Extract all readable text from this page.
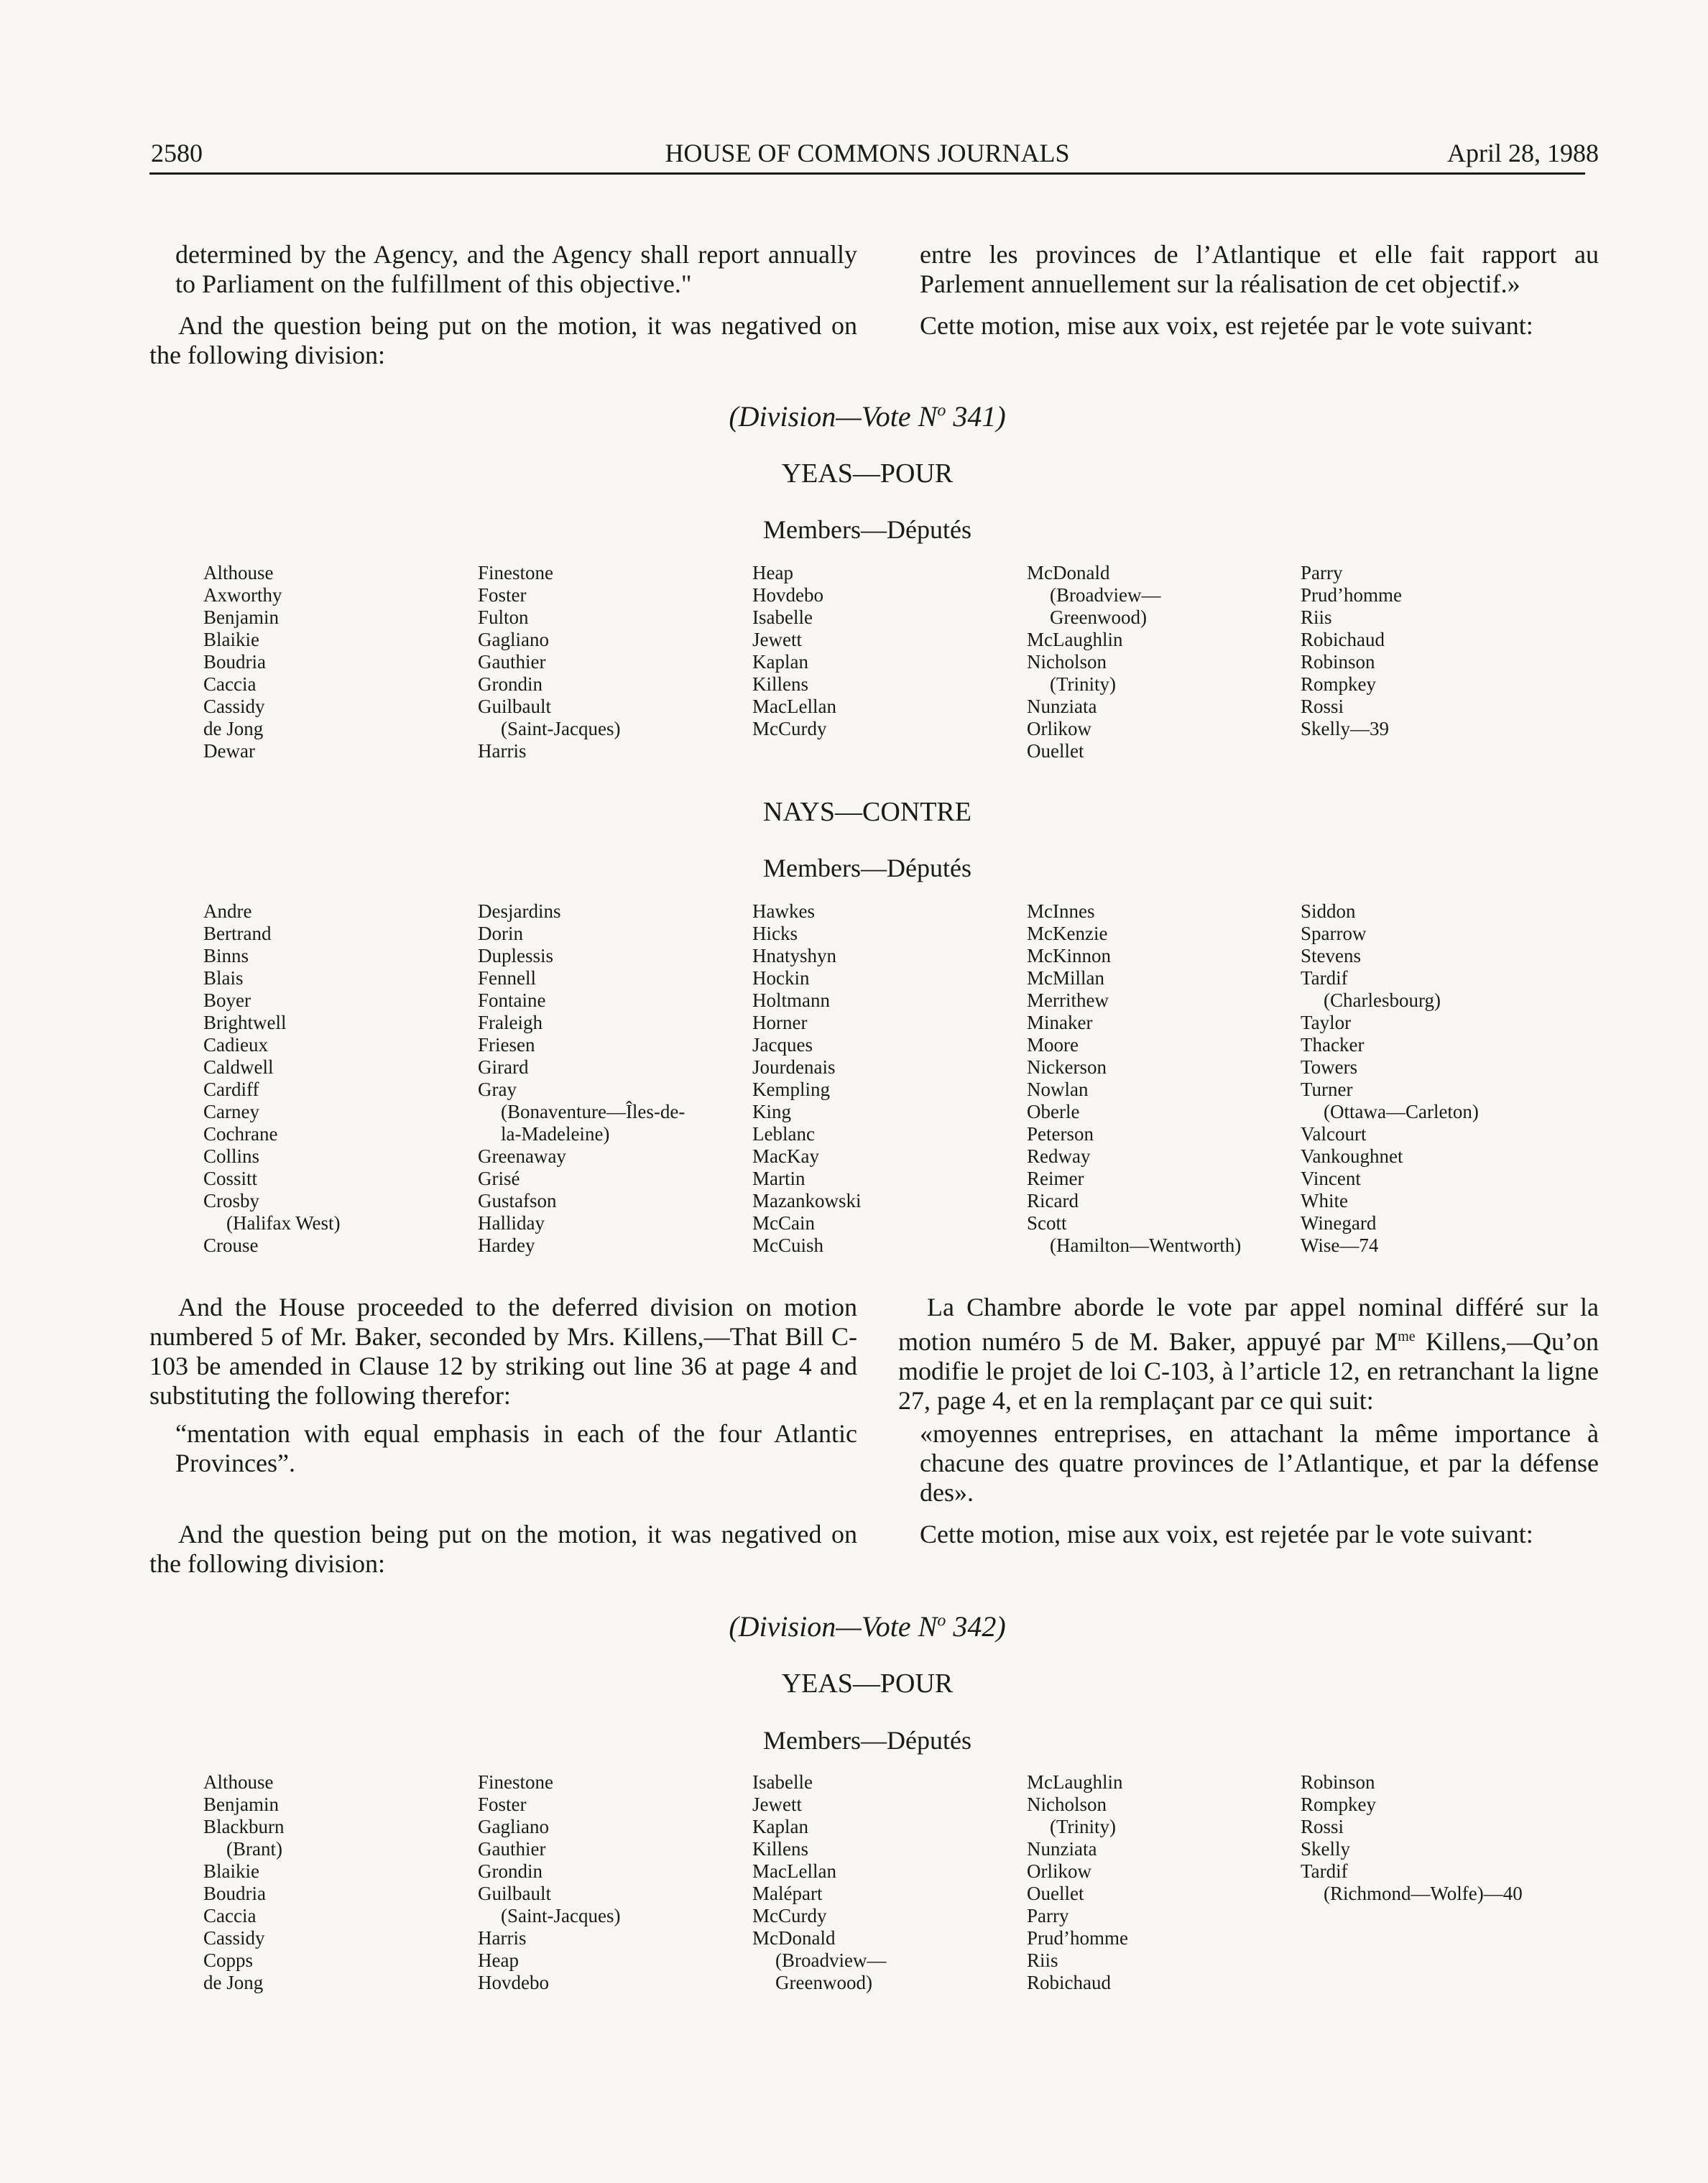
2580	HOUSE OF COMMONS JOURNALS	April 28, 1988

determined by the Agency, and the Agency shall report annually to Parliament on the fulfillment of this objective."

And the question being put on the motion, it was negatived on the following division:

entre les provinces de l’Atlantique et elle fait rapport au Parlement annuellement sur la réalisation de cet objectif.»

Cette motion, mise aux voix, est rejetée par le vote suivant:

(Division—Vote $N^o$ 341)
YEAS—POUR
Members—Députés
Althouse
Axworthy
Benjamin
Blaikie
Boudria
Caccia
Cassidy
de Jong
Dewar
Finestone
Foster
Fulton
Gagliano
Gauthier
Grondin
Guilbault
(Saint-Jacques)
Harris
Heap
Hovdebo
Isabelle
Jewett
Kaplan
Killens
MacLellan
McCurdy
McDonald
(Broadview—
Greenwood)
McLaughlin
Nicholson
(Trinity)
Nunziata
Orlikow
Ouellet
Parry
Prud’homme
Riis
Robichaud
Robinson
Rompkey
Rossi
Skelly—39
NAYS—CONTRE
Members—Députés
Andre
Bertrand
Binns
Blais
Boyer
Brightwell
Cadieux
Caldwell
Cardiff
Carney
Cochrane
Collins
Cossitt
Crosby
(Halifax West)
Crouse
Desjardins
Dorin
Duplessis
Fennell
Fontaine
Fraleigh
Friesen
Girard
Gray
(Bonaventure—Îles-de-
la-Madeleine)
Greenaway
Grisé
Gustafson
Halliday
Hardey
Hawkes
Hicks
Hnatyshyn
Hockin
Holtmann
Horner
Jacques
Jourdenais
Kempling
King
Leblanc
MacKay
Martin
Mazankowski
McCain
McCuish
McInnes
McKenzie
McKinnon
McMillan
Merrithew
Minaker
Moore
Nickerson
Nowlan
Oberle
Peterson
Redway
Reimer
Ricard
Scott
(Hamilton—Wentworth)
Siddon
Sparrow
Stevens
Tardif
(Charlesbourg)
Taylor
Thacker
Towers
Turner
(Ottawa—Carleton)
Valcourt
Vankoughnet
Vincent
White
Winegard
Wise—74

And the House proceeded to the deferred division on motion numbered 5 of Mr. Baker, seconded by Mrs. Killens,—That Bill C-103 be amended in Clause 12 by striking out line 36 at page 4 and substituting the following therefor:

“mentation with equal emphasis in each of the four Atlantic Provinces”.

And the question being put on the motion, it was negatived on the following division:

La Chambre aborde le vote par appel nominal différé sur la motion numéro 5 de M. Baker, appuyé par $M^{me}$ Killens,—Qu’on modifie le projet de loi C-103, à l’article 12, en retranchant la ligne 27, page 4, et en la remplaçant par ce qui suit:

«moyennes entreprises, en attachant la même importance à chacune des quatre provinces de l’Atlantique, et par la défense des».

Cette motion, mise aux voix, est rejetée par le vote suivant:

(Division—Vote $N^o$ 342)
YEAS—POUR
Members—Députés
Althouse
Benjamin
Blackburn
(Brant)
Blaikie
Boudria
Caccia
Cassidy
Copps
de Jong
Finestone
Foster
Gagliano
Gauthier
Grondin
Guilbault
(Saint-Jacques)
Harris
Heap
Hovdebo
Isabelle
Jewett
Kaplan
Killens
MacLellan
Malépart
McCurdy
McDonald
(Broadview—
Greenwood)
McLaughlin
Nicholson
(Trinity)
Nunziata
Orlikow
Ouellet
Parry
Prud’homme
Riis
Robichaud
Robinson
Rompkey
Rossi
Skelly
Tardif
(Richmond—Wolfe)—40
